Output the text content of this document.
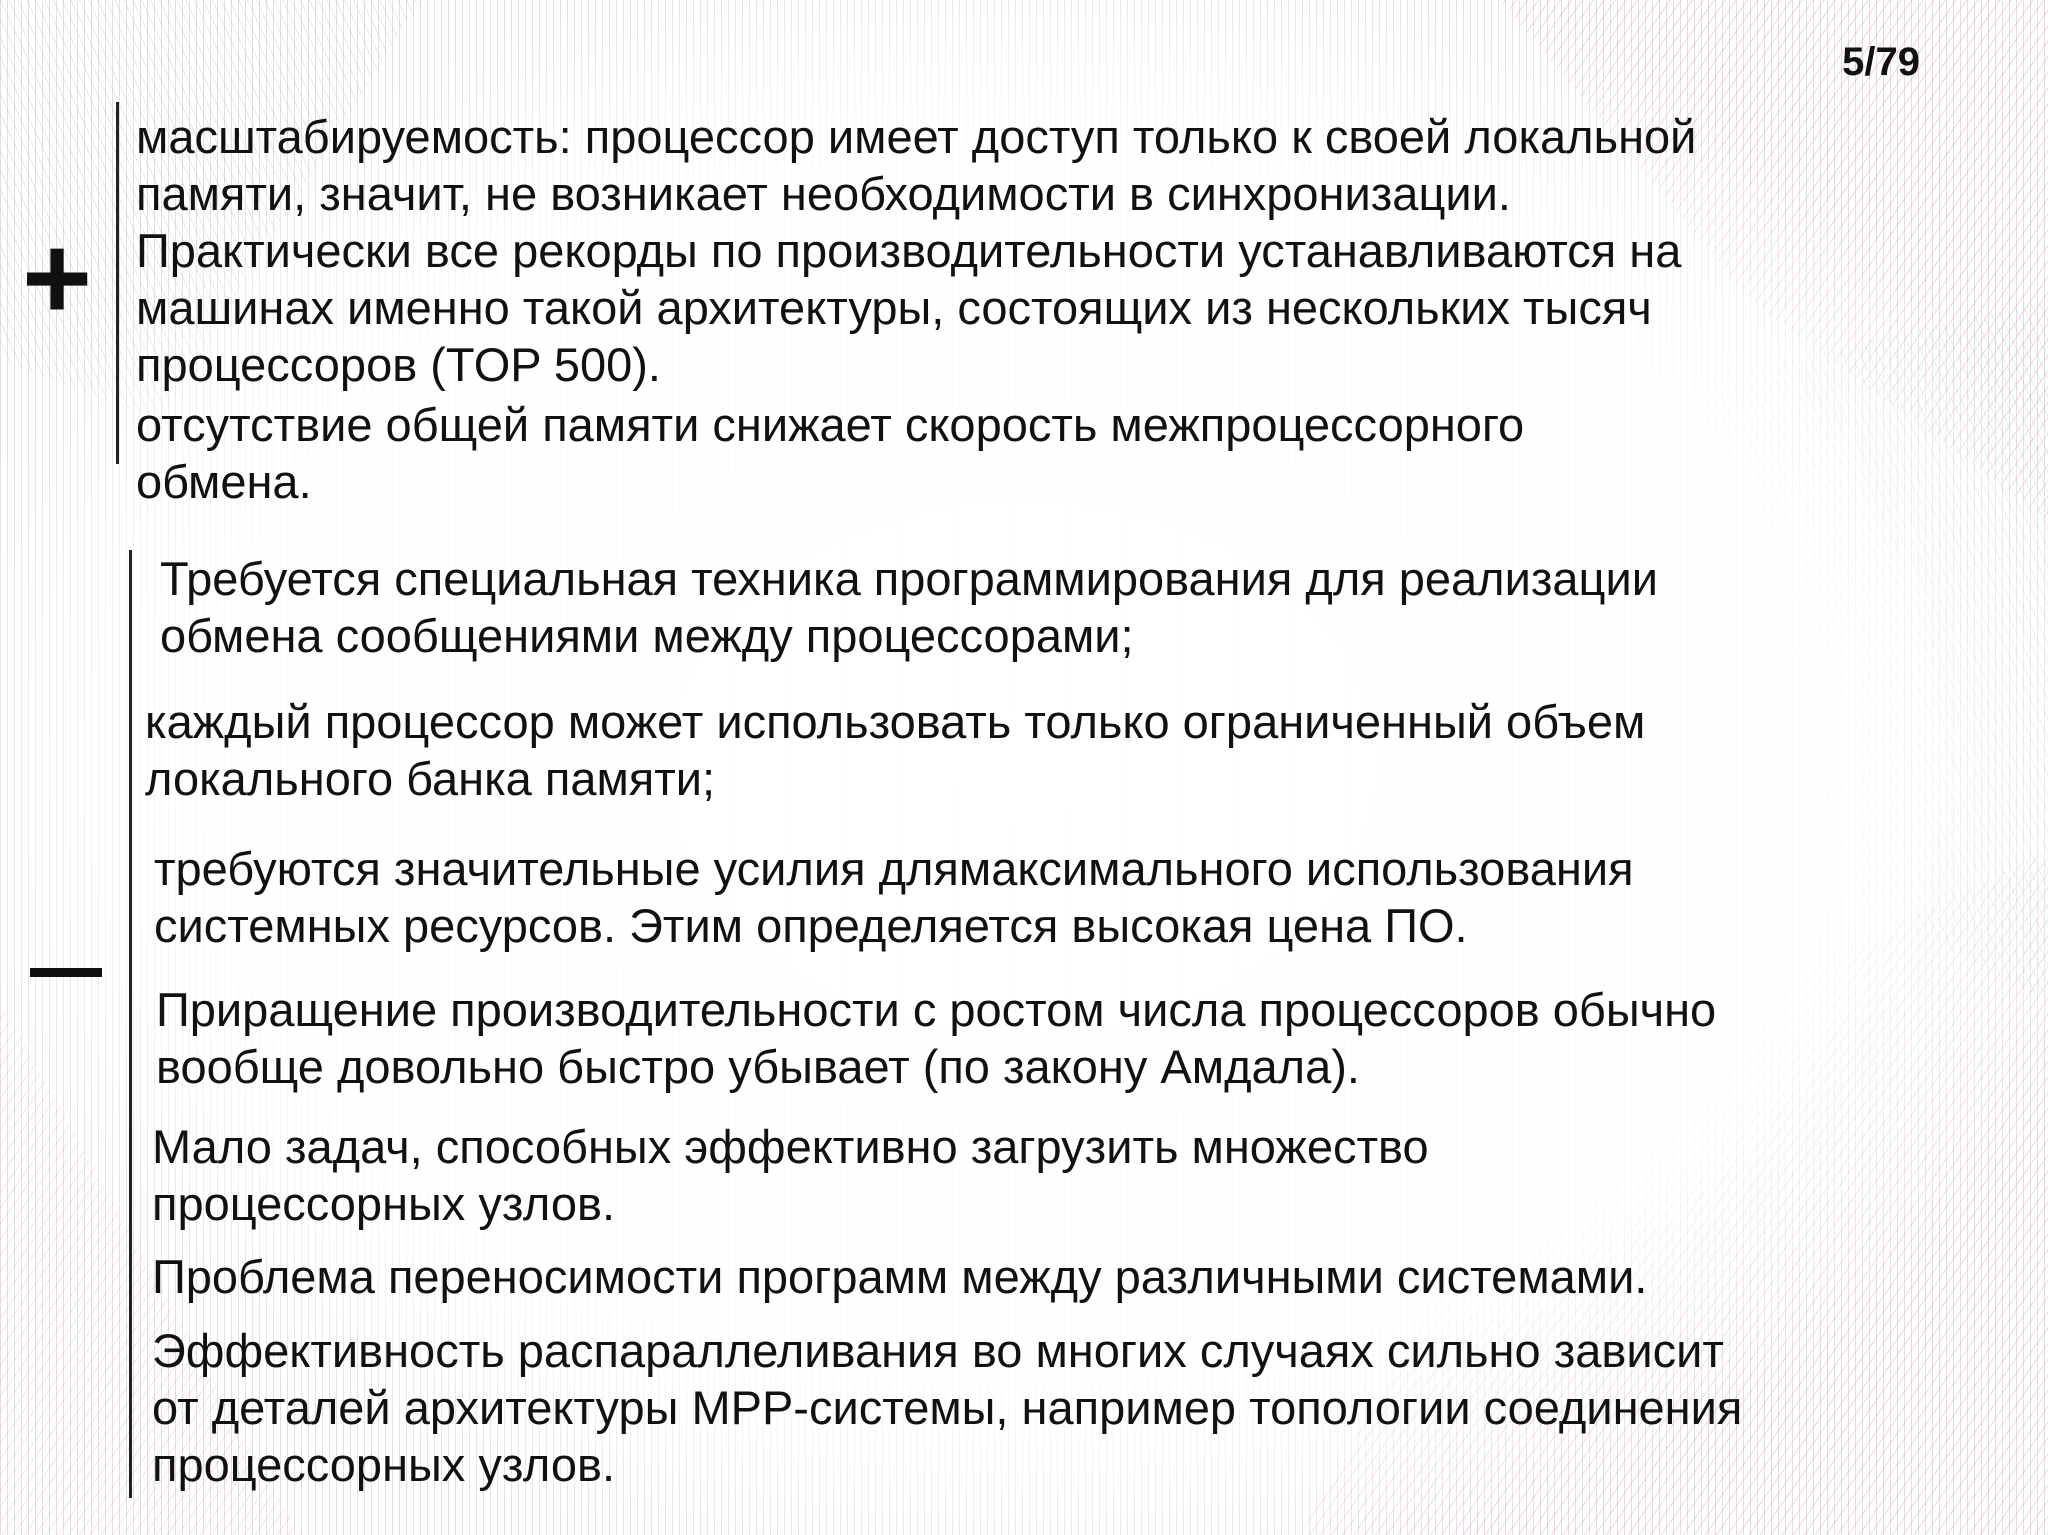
5/79
+

масштабируемость: процессор имеет доступ только к своей локальной
памяти, значит, не возникает необходимости в синхронизации.
Практически все рекорды по производительности устанавливаются на
машинах именно такой архитектуры, состоящих из нескольких тысяч
процессоров (TOP 500).

отсутствие общей памяти снижает скорость межпроцессорного
обмена.

Требуется специальная техника программирования для реализации
обмена сообщениями между процессорами;

каждый процессор может использовать только ограниченный объем
локального банка памяти;

требуются значительные усилия длямаксимального использования
системных ресурсов. Этим определяется высокая цена ПО.

Приращение производительности с ростом числа процессоров обычно
вообще довольно быстро убывает (по закону Амдала).

Мало задач, способных эффективно загрузить множество
процессорных узлов.

Проблема переносимости программ между различными системами.

Эффективность распараллеливания во многих случаях сильно зависит
от деталей архитектуры MPP-системы, например топологии соединения
процессорных узлов.
